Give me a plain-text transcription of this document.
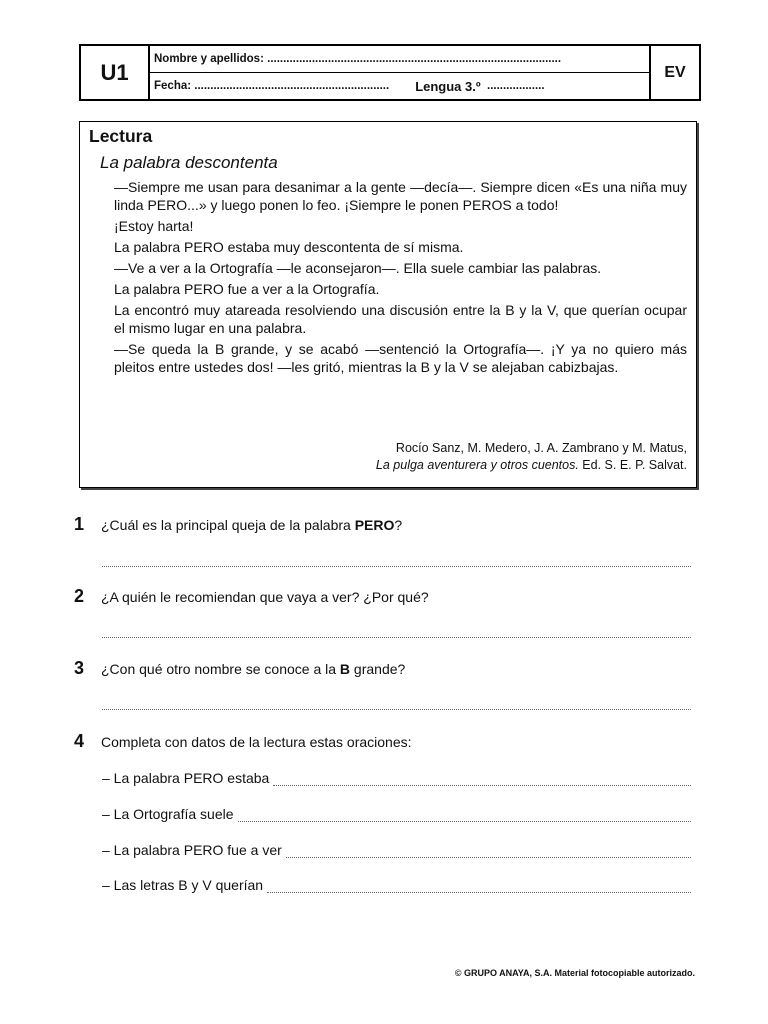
U1
Nombre y apellidos:
............................................................................................
Fecha:
............................................................. Lengua 3.º
..................
EV
Lectura
La palabra descontenta

—Siempre me usan para desanimar a la gente —decía—. Siempre dicen «Es una niña muy linda PERO...» y luego ponen lo feo. ¡Siempre le ponen PEROS a todo!

¡Estoy harta!

La palabra PERO estaba muy descontenta de sí misma.

—Ve a ver a la Ortografía —le aconsejaron—. Ella suele cambiar las palabras.

La palabra PERO fue a ver a la Ortografía.

La encontró muy atareada resolviendo una discusión entre la B y la V, que querían ocupar el mismo lugar en una palabra.

—Se queda la B grande, y se acabó —sentenció la Ortografía—. ¡Y ya no quiero más pleitos entre ustedes dos! —les gritó, mientras la B y la V se alejaban cabizbajas.

Rocío Sanz, M. Medero, J. A. Zambrano y M. Matus,
La pulga aventurera y otros cuentos. Ed. S. E. P. Salvat.
1 ¿Cuál es la principal queja de la palabra PERO?
2 ¿A quién le recomiendan que vaya a ver? ¿Por qué?
3 ¿Con qué otro nombre se conoce a la B grande?
4 Completa con datos de la lectura estas oraciones:
– La palabra PERO estaba
– La Ortografía suele
– La palabra PERO fue a ver
– Las letras B y V querían
© GRUPO ANAYA, S.A. Material fotocopiable autorizado.
